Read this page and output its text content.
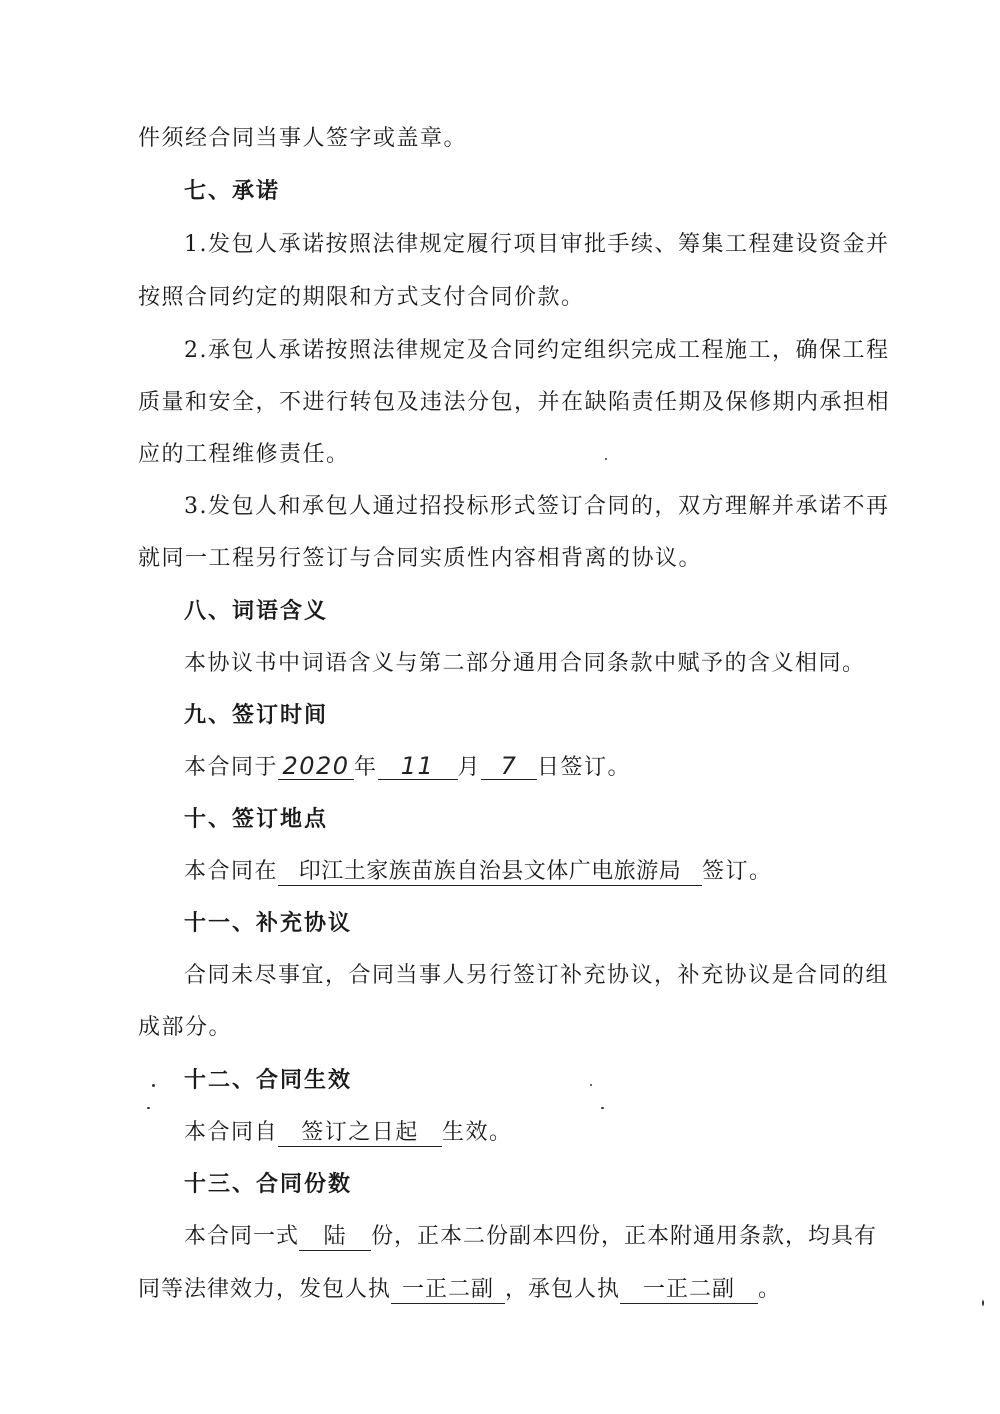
件须经合同当事人签字或盖章。
七、承诺
1.发包人承诺按照法律规定履行项目审批手续、筹集工程建设资金并
按照合同约定的期限和方式支付合同价款。
2.承包人承诺按照法律规定及合同约定组织完成工程施工，确保工程
质量和安全，不进行转包及违法分包，并在缺陷责任期及保修期内承担相
应的工程维修责任。
3.发包人和承包人通过招投标形式签订合同的，双方理解并承诺不再
就同一工程另行签订与合同实质性内容相背离的协议。
八、词语含义
本协议书中词语含义与第二部分通用合同条款中赋予的含义相同。
九、签订时间
本合同于 2020 年 11 月 7 日签订。
十、签订地点
本合同在 印江土家族苗族自治县文体广电旅游局 签订。
十一、补充协议
合同未尽事宜，合同当事人另行签订补充协议，补充协议是合同的组
成部分。
十二、合同生效
本合同自 签订之日起 生效。
十三、合同份数
本合同一式 陆 份，正本二份副本四份，正本附通用条款，均具有
同等法律效力，发包人执 一正二副 ，承包人执 一正二副 。
